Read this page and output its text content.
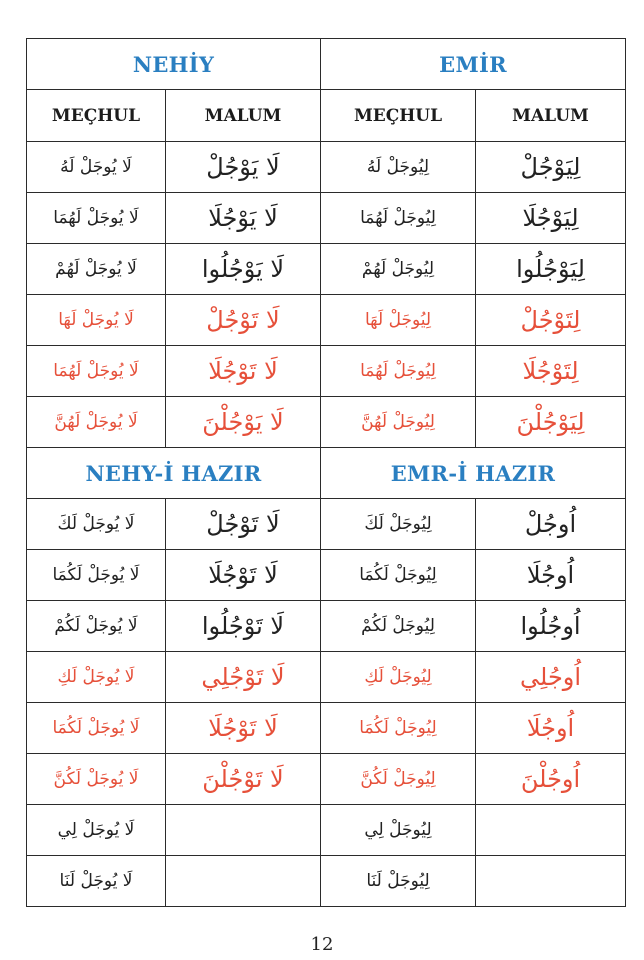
NEHİY		EMİR	
MEÇHUL	MALUM	MEÇHUL	MALUM
لَا يُوجَلْ لَهُ	لَا يَوْجُلْ	لِيُوجَلْ لَهُ	لِيَوْجُلْ
لَا يُوجَلْ لَهُمَا	لَا يَوْجُلَا	لِيُوجَلْ لَهُمَا	لِيَوْجُلَا
لَا يُوجَلْ لَهُمْ	لَا يَوْجُلُوا	لِيُوجَلْ لَهُمْ	لِيَوْجُلُوا
لَا يُوجَلْ لَهَا	لَا تَوْجُلْ	لِيُوجَلْ لَهَا	لِتَوْجُلْ
لَا يُوجَلْ لَهُمَا	لَا تَوْجُلَا	لِيُوجَلْ لَهُمَا	لِتَوْجُلَا
لَا يُوجَلْ لَهُنَّ	لَا يَوْجُلْنَ	لِيُوجَلْ لَهُنَّ	لِيَوْجُلْنَ
NEHY-İ HAZIR		EMR-İ HAZIR	
لَا يُوجَلْ لَكَ	لَا تَوْجُلْ	لِيُوجَلْ لَكَ	اُوجُلْ
لَا يُوجَلْ لَكُمَا	لَا تَوْجُلَا	لِيُوجَلْ لَكُمَا	اُوجُلَا
لَا يُوجَلْ لَكُمْ	لَا تَوْجُلُوا	لِيُوجَلْ لَكُمْ	اُوجُلُوا
لَا يُوجَلْ لَكِ	لَا تَوْجُلِي	لِيُوجَلْ لَكِ	اُوجُلِي
لَا يُوجَلْ لَكُمَا	لَا تَوْجُلَا	لِيُوجَلْ لَكُمَا	اُوجُلَا
لَا يُوجَلْ لَكُنَّ	لَا تَوْجُلْنَ	لِيُوجَلْ لَكُنَّ	اُوجُلْنَ
لَا يُوجَلْ لِي		لِيُوجَلْ لِي	
لَا يُوجَلْ لَنَا		لِيُوجَلْ لَنَا	
12
